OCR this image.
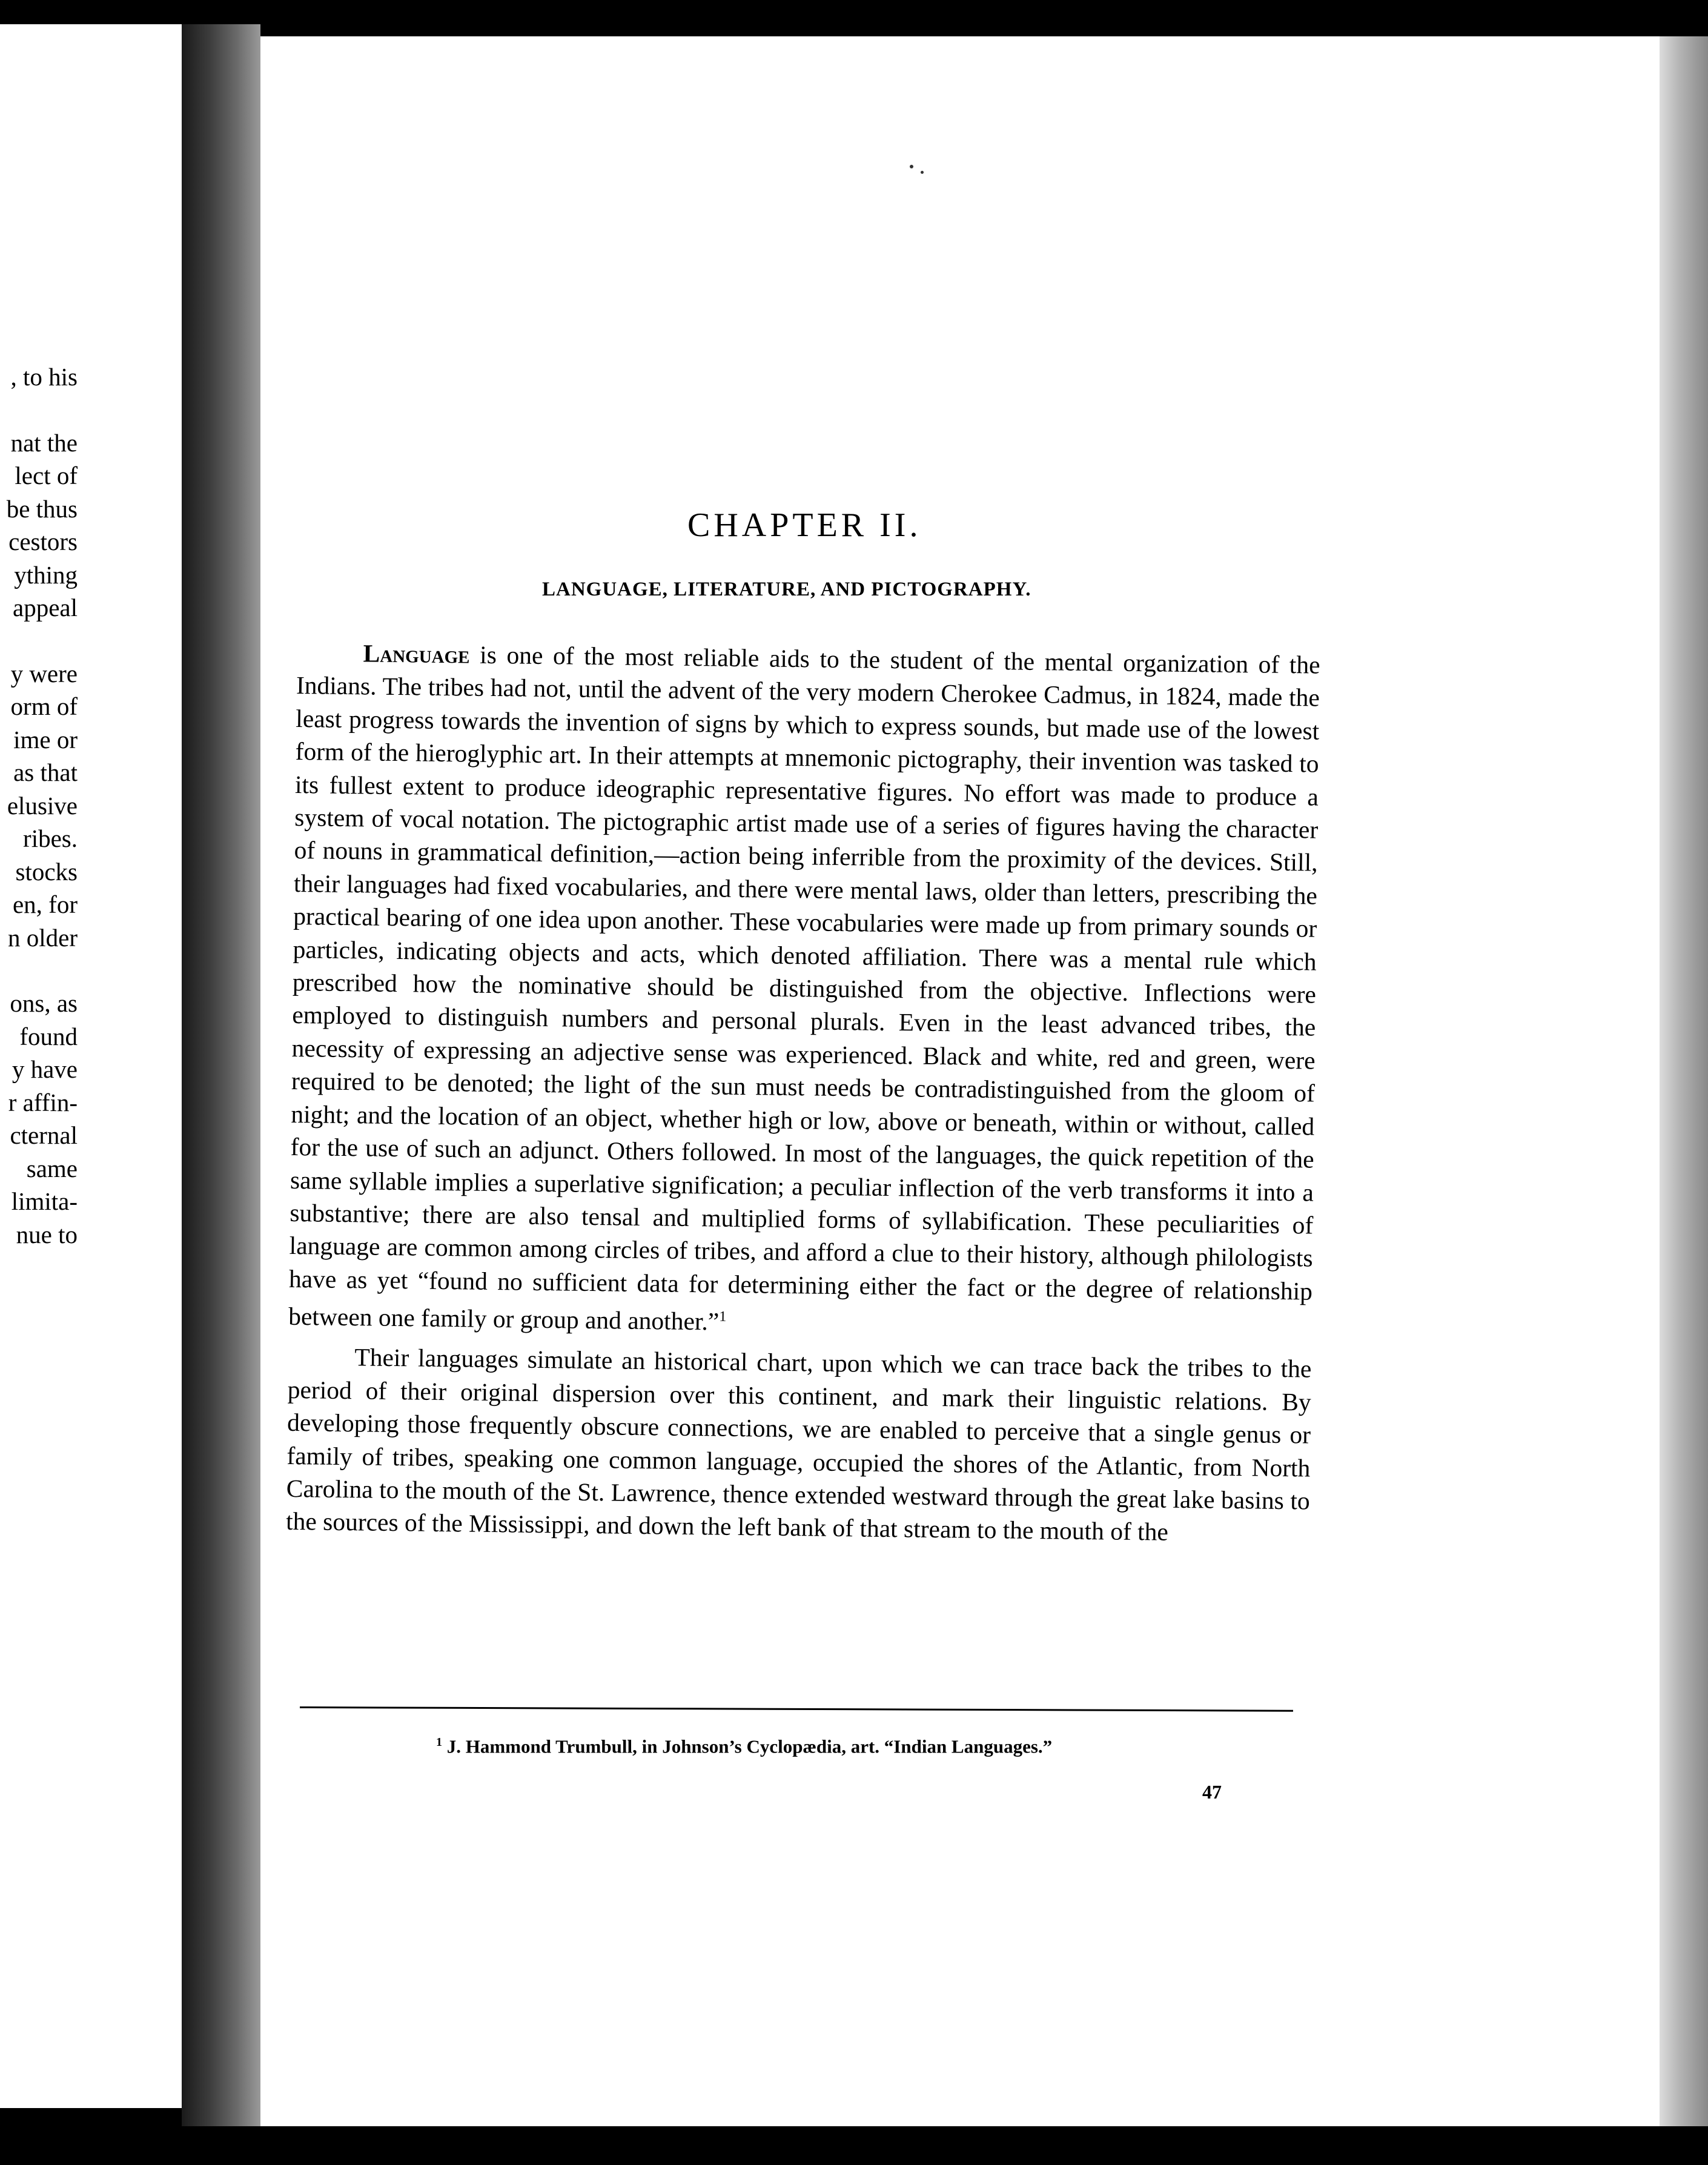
, to his

nat the
lect of
be thus
cestors
ything
appeal

y were
orm of
ime or
as that
elusive
ribes.
stocks
en, for
n older

ons, as
found
y have
r affin-
cternal
same
limita-
nue to
CHAPTER II.
LANGUAGE, LITERATURE, AND PICTOGRAPHY.

Language is one of the most reliable aids to the student of the mental organization of the Indians. The tribes had not, until the advent of the very modern Cherokee Cadmus, in 1824, made the least progress towards the invention of signs by which to express sounds, but made use of the lowest form of the hieroglyphic art. In their attempts at mnemonic pictography, their invention was tasked to its fullest extent to produce ideographic representative figures. No effort was made to produce a system of vocal notation. The pictographic artist made use of a series of figures having the character of nouns in grammatical definition,—action being inferrible from the proximity of the devices. Still, their languages had fixed vocabularies, and there were mental laws, older than letters, prescribing the practical bearing of one idea upon another. These vocabularies were made up from primary sounds or particles, indicating objects and acts, which denoted affiliation. There was a mental rule which prescribed how the nominative should be distinguished from the objective. Inflections were employed to distinguish numbers and personal plurals. Even in the least advanced tribes, the necessity of expressing an adjective sense was experienced. Black and white, red and green, were required to be denoted; the light of the sun must needs be contradistinguished from the gloom of night; and the location of an object, whether high or low, above or beneath, within or without, called for the use of such an adjunct. Others followed. In most of the languages, the quick repetition of the same syllable implies a superlative signification; a peculiar inflection of the verb transforms it into a substantive; there are also tensal and multiplied forms of syllabification. These peculiarities of language are common among circles of tribes, and afford a clue to their history, although philologists have as yet “found no sufficient data for determining either the fact or the degree of relationship between one family or group and another.”$^1$

Their languages simulate an historical chart, upon which we can trace back the tribes to the period of their original dispersion over this continent, and mark their linguistic relations. By developing those frequently obscure connections, we are enabled to perceive that a single genus or family of tribes, speaking one common language, occupied the shores of the Atlantic, from North Carolina to the mouth of the St. Lawrence, thence extended westward through the great lake basins to the sources of the Mississippi, and down the left bank of that stream to the mouth of the

$^1$ J. Hammond Trumbull, in Johnson’s Cyclopædia, art. “Indian Languages.”
47
